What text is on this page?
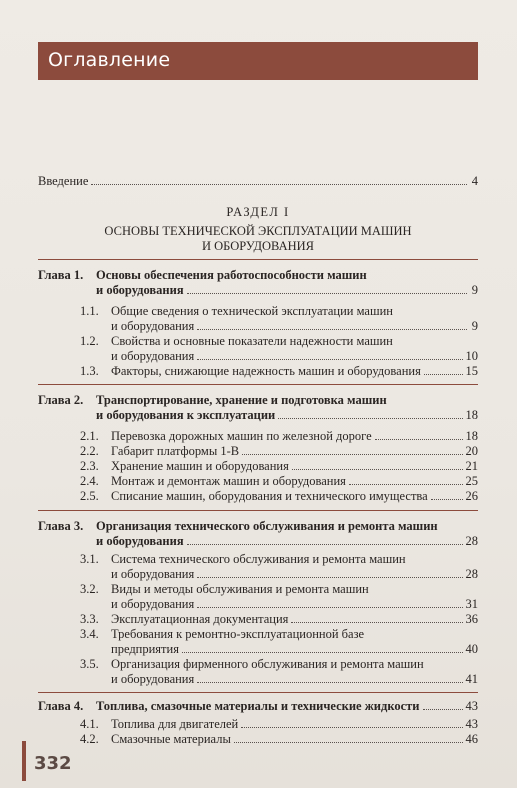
Оглавление
Введение	4
РАЗДЕЛ I
ОСНОВЫ ТЕХНИЧЕСКОЙ ЭКСПЛУАТАЦИИ МАШИН
И ОБОРУДОВАНИЯ
Глава 1. Основы обеспечения работоспособности машин
и оборудования	9
1.1. Общие сведения о технической эксплуатации машин
и оборудования	9
1.2. Свойства и основные показатели надежности машин
и оборудования	10
1.3. Факторы, снижающие надежность машин и оборудования	15
Глава 2. Транспортирование, хранение и подготовка машин
и оборудования к эксплуатации	18
2.1. Перевозка дорожных машин по железной дороге	18
2.2. Габарит платформы 1-В	20
2.3. Хранение машин и оборудования	21
2.4. Монтаж и демонтаж машин и оборудования	25
2.5. Списание машин, оборудования и технического имущества	26
Глава 3. Организация технического обслуживания и ремонта машин
и оборудования	28
3.1. Система технического обслуживания и ремонта машин
и оборудования	28
3.2. Виды и методы обслуживания и ремонта машин
и оборудования	31
3.3. Эксплуатационная документация	36
3.4. Требования к ремонтно-эксплуатационной базе
предприятия	40
3.5. Организация фирменного обслуживания и ремонта машин
и оборудования	41
Глава 4. Топлива, смазочные материалы и технические жидкости	43
4.1. Топлива для двигателей	43
4.2. Смазочные материалы	46
332
